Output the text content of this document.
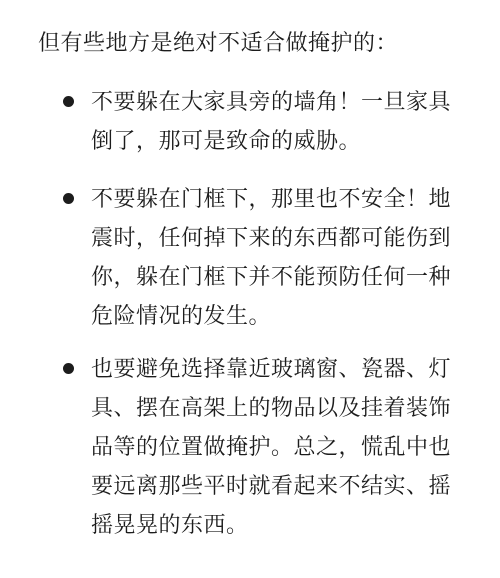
但有些地方是绝对不适合做掩护的：

不要躲在大家具旁的墙角！一旦家具倒了，那可是致命的威胁。

不要躲在门框下，那里也不安全！地震时，任何掉下来的东西都可能伤到你，躲在门框下并不能预防任何一种危险情况的发生。

也要避免选择靠近玻璃窗、瓷器、灯具、摆在高架上的物品以及挂着装饰品等的位置做掩护。总之，慌乱中也要远离那些平时就看起来不结实、摇摇晃晃的东西。
